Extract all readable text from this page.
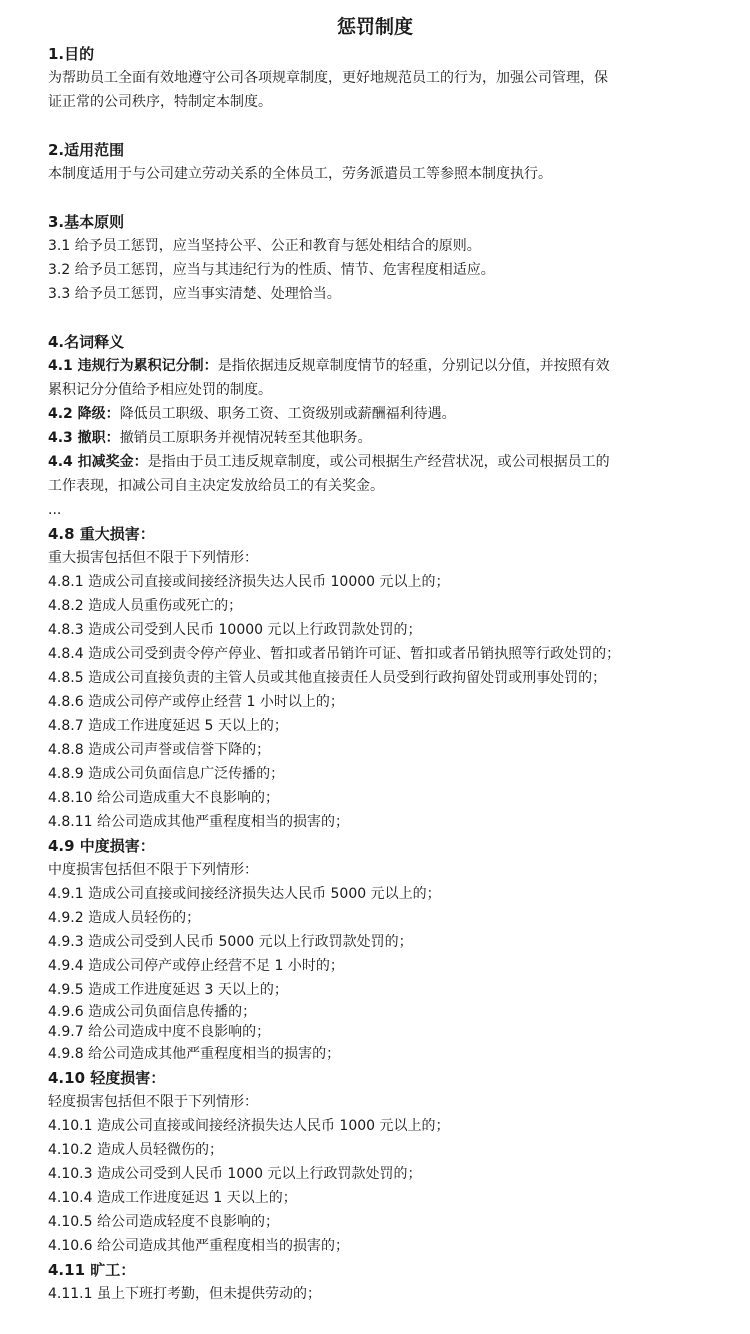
惩罚制度
1.目的
为帮助员工全面有效地遵守公司各项规章制度，更好地规范员工的行为，加强公司管理，保
证正常的公司秩序，特制定本制度。
2.适用范围
本制度适用于与公司建立劳动关系的全体员工，劳务派遣员工等参照本制度执行。
3.基本原则
3.1 给予员工惩罚，应当坚持公平、公正和教育与惩处相结合的原则。
3.2 给予员工惩罚，应当与其违纪行为的性质、情节、危害程度相适应。
3.3 给予员工惩罚，应当事实清楚、处理恰当。
4.名词释义
4.1 违规行为累积记分制：是指依据违反规章制度情节的轻重，分别记以分值，并按照有效
累积记分分值给予相应处罚的制度。
4.2 降级：降低员工职级、职务工资、工资级别或薪酬福利待遇。
4.3 撤职：撤销员工原职务并视情况转至其他职务。
4.4 扣减奖金：是指由于员工违反规章制度，或公司根据生产经营状况，或公司根据员工的
工作表现，扣减公司自主决定发放给员工的有关奖金。
...
4.8 重大损害：
重大损害包括但不限于下列情形：
4.8.1 造成公司直接或间接经济损失达人民币 10000 元以上的；
4.8.2 造成人员重伤或死亡的；
4.8.3 造成公司受到人民币 10000 元以上行政罚款处罚的；
4.8.4 造成公司受到责令停产停业、暂扣或者吊销许可证、暂扣或者吊销执照等行政处罚的；
4.8.5 造成公司直接负责的主管人员或其他直接责任人员受到行政拘留处罚或刑事处罚的；
4.8.6 造成公司停产或停止经营 1 小时以上的；
4.8.7 造成工作进度延迟 5 天以上的；
4.8.8 造成公司声誉或信誉下降的；
4.8.9 造成公司负面信息广泛传播的；
4.8.10 给公司造成重大不良影响的；
4.8.11 给公司造成其他严重程度相当的损害的；
4.9 中度损害：
中度损害包括但不限于下列情形：
4.9.1 造成公司直接或间接经济损失达人民币 5000 元以上的；
4.9.2 造成人员轻伤的；
4.9.3 造成公司受到人民币 5000 元以上行政罚款处罚的；
4.9.4 造成公司停产或停止经营不足 1 小时的；
4.9.5 造成工作进度延迟 3 天以上的；
4.9.6 造成公司负面信息传播的；
4.9.7 给公司造成中度不良影响的；
4.9.8 给公司造成其他严重程度相当的损害的；
4.10 轻度损害：
轻度损害包括但不限于下列情形：
4.10.1 造成公司直接或间接经济损失达人民币 1000 元以上的；
4.10.2 造成人员轻微伤的；
4.10.3 造成公司受到人民币 1000 元以上行政罚款处罚的；
4.10.4 造成工作进度延迟 1 天以上的；
4.10.5 给公司造成轻度不良影响的；
4.10.6 给公司造成其他严重程度相当的损害的；
4.11 旷工：
4.11.1 虽上下班打考勤，但未提供劳动的；
